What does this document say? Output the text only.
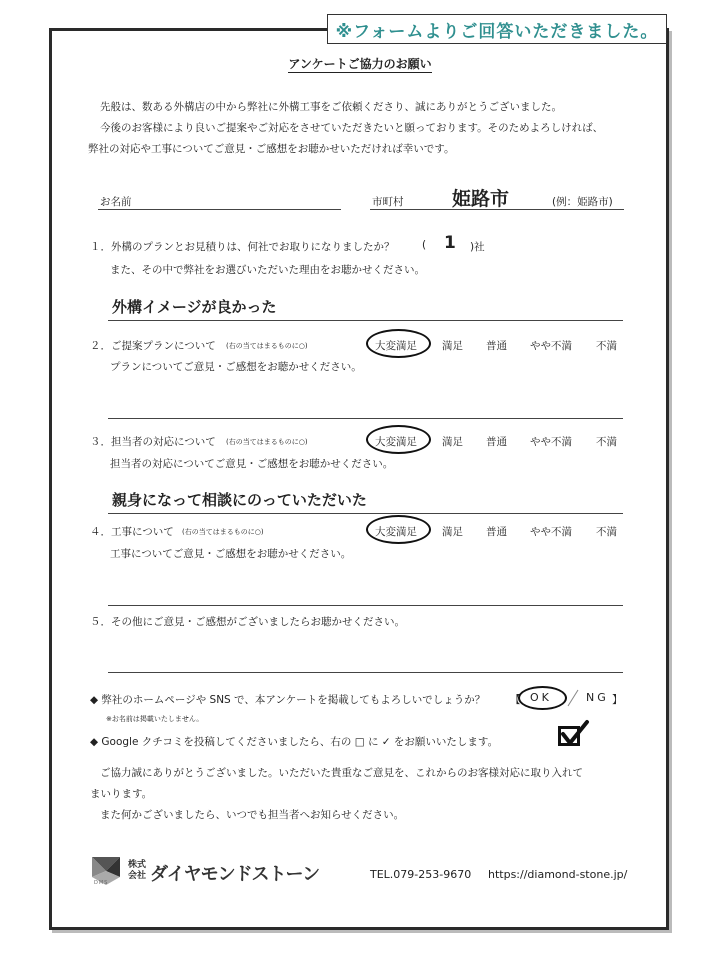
※フォームよりご回答いただきました。
アンケートご協力のお願い
先般は、数ある外構店の中から弊社に外構工事をご依頼くださり、誠にありがとうございました。
今後のお客様により良いご提案やご対応をさせていただきたいと願っております。そのためよろしければ、
弊社の対応や工事についてご意見・ご感想をお聴かせいただければ幸いです。
お名前	市町村	姫路市	(例：姫路市)
１．外構のプランとお見積りは、何社でお取りになりましたか？	( 1 )社
また、その中で弊社をお選びいただいた理由をお聴かせください。
外構イメージが良かった
２．ご提案プランについて (右の当てはまるものに○)	大変満足 満足 普通 やや不満 不満
プランについてご意見・ご感想をお聴かせください。
３．担当者の対応について (右の当てはまるものに○)	大変満足 満足 普通 やや不満 不満
担当者の対応についてご意見・ご感想をお聴かせください。
親身になって相談にのっていただいた
４．工事について (右の当てはまるものに○)	大変満足 満足 普通 やや不満 不満
工事についてご意見・ご感想をお聴かせください。
５．その他にご意見・ご感想がございましたらお聴かせください。
◆ 弊社のホームページや SNS で、本アンケートを掲載してもよろしいでしょうか？ 【 OK	NG 】
※お名前は掲載いたしません。
◆ Google クチコミを投稿してくださいましたら、右の □ に ✓ をお願いいたします。
ご協力誠にありがとうございました。いただいた貴重なご意見を、これからのお客様対応に取り入れて
まいります。
また何かございましたら、いつでも担当者へお知らせください。
DMS
株式
会社 ダイヤモンドストーン	TEL.079-253-9670 https://diamond-stone.jp/
